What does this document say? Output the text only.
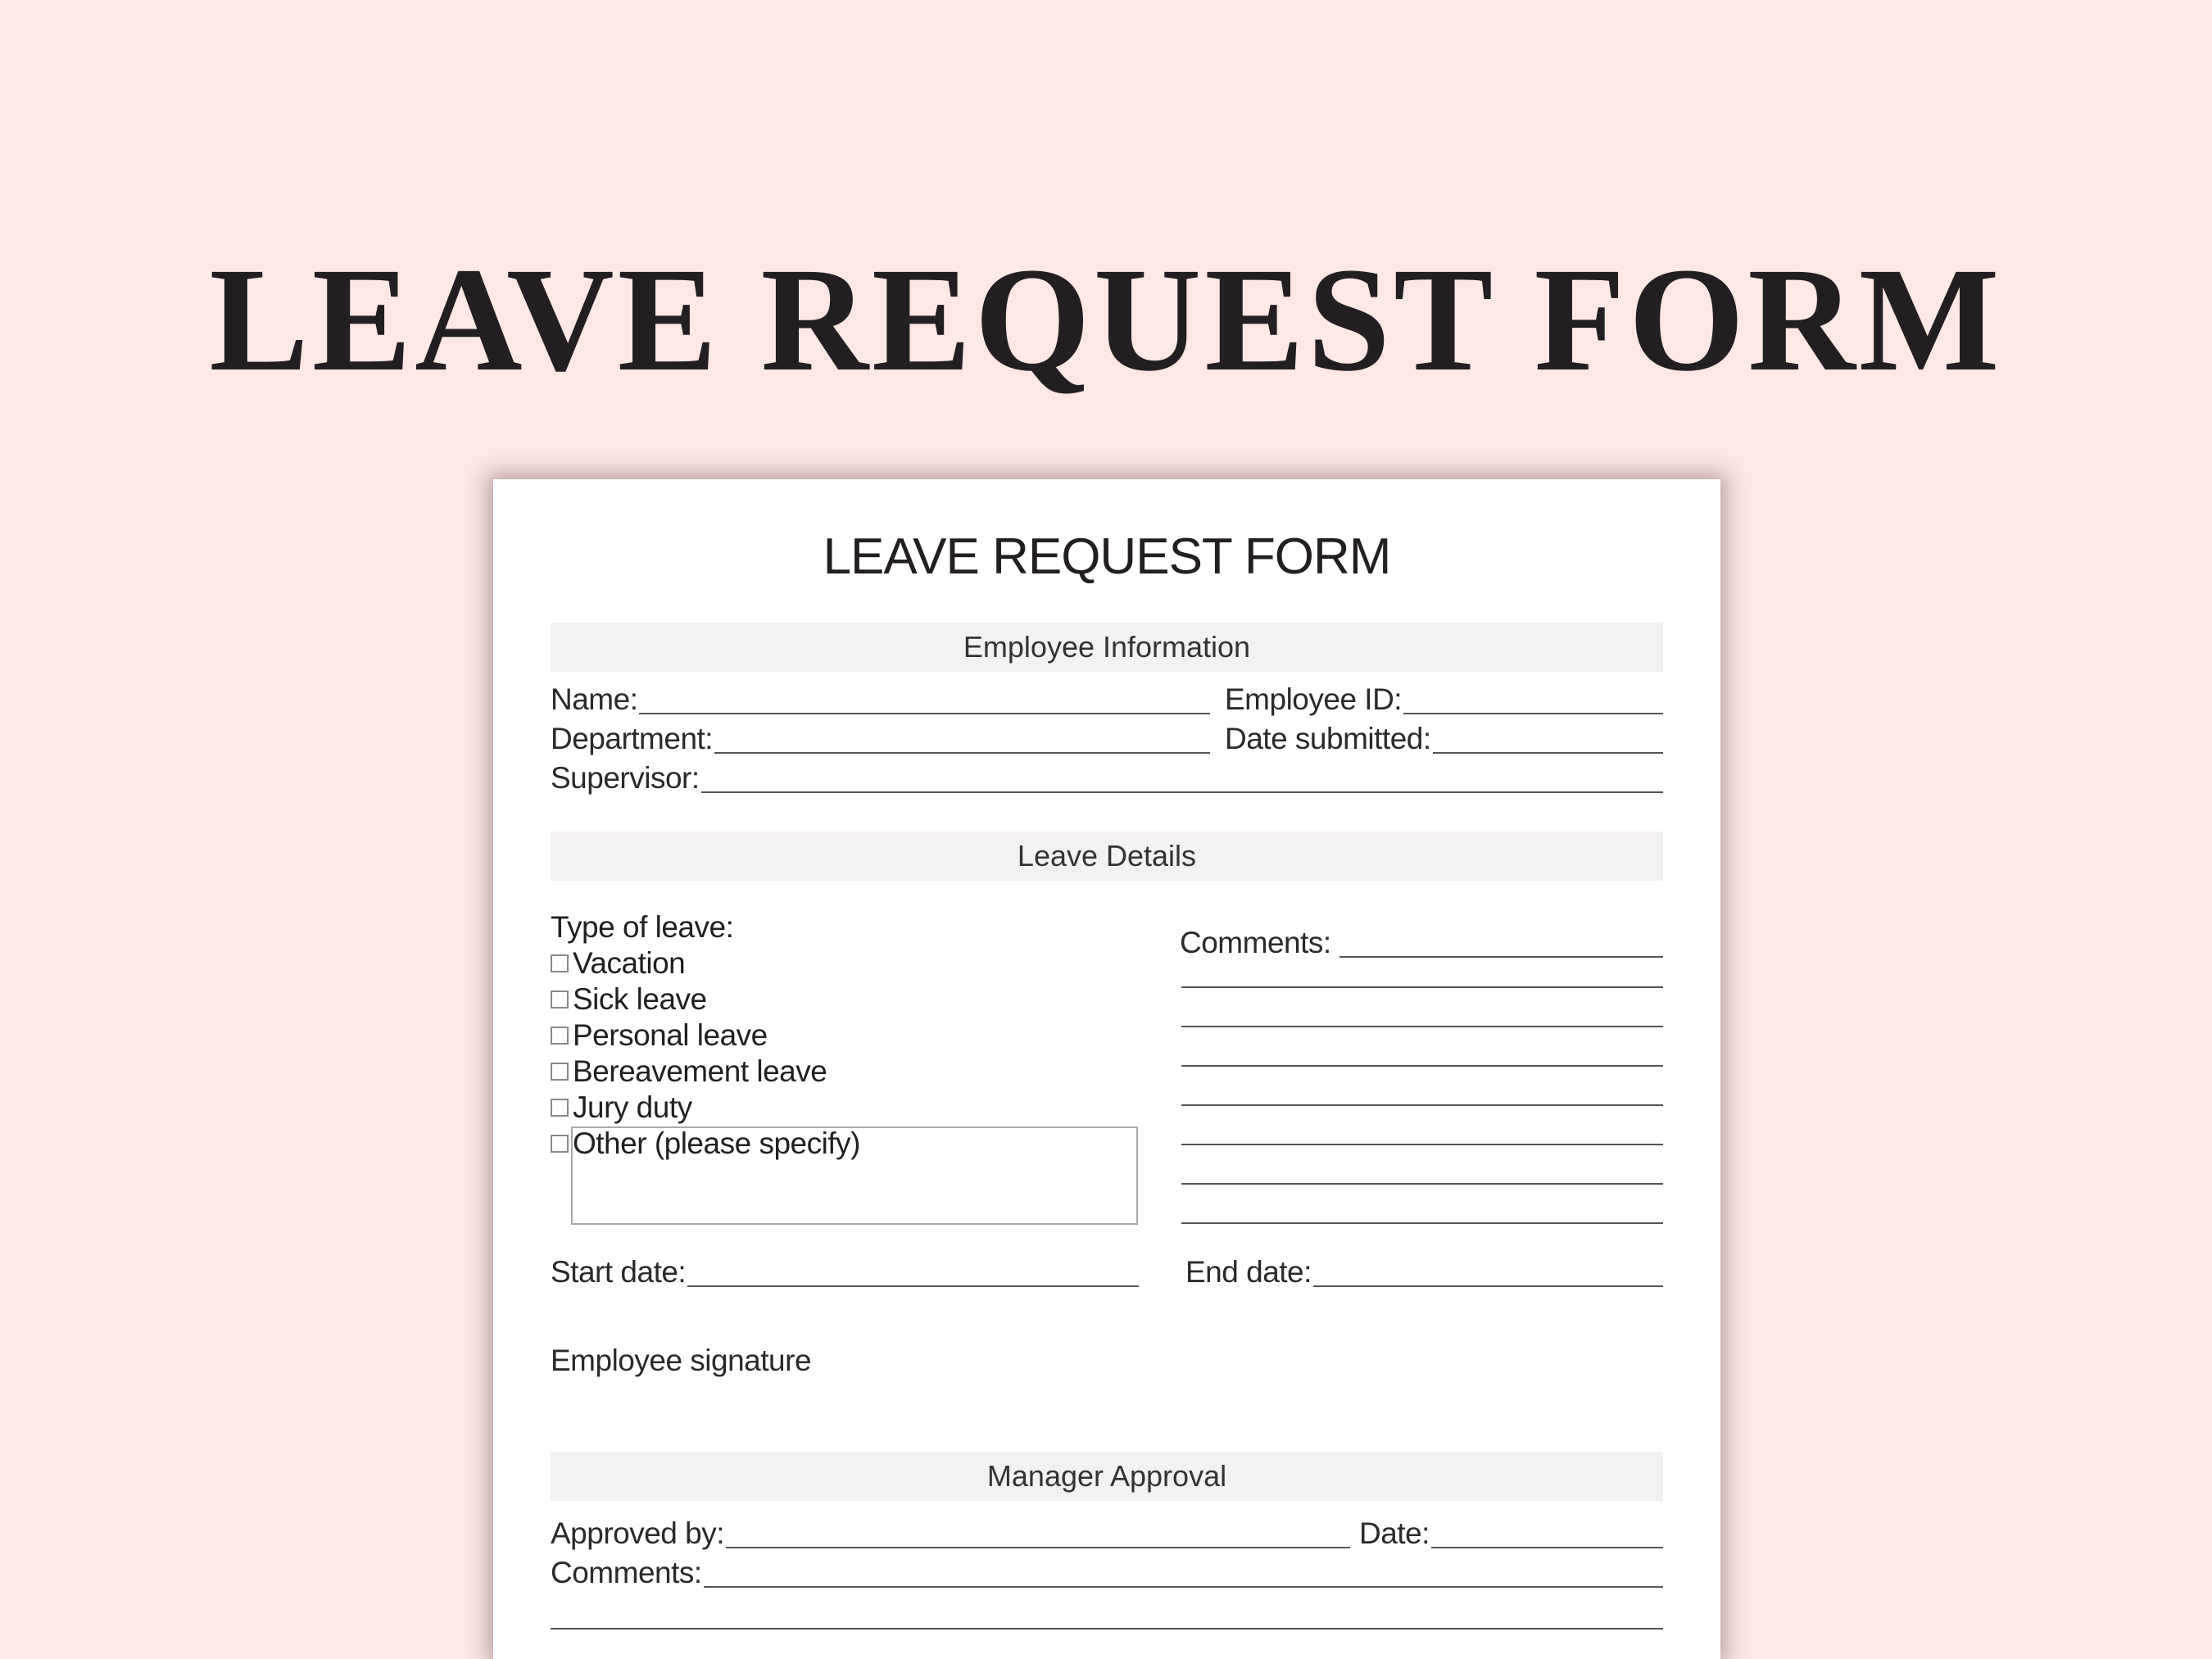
LEAVE REQUEST FORM
LEAVE REQUEST FORM
Employee Information
Name:	Employee ID:
Department:	Date submitted:
Supervisor:
Leave Details
Type of leave:
Vacation
Sick leave
Personal leave
Bereavement leave
Jury duty
Other (please specify)
Comments:
Start date:	End date:
Employee signature
Manager Approval
Approved by:	Date:
Comments:
